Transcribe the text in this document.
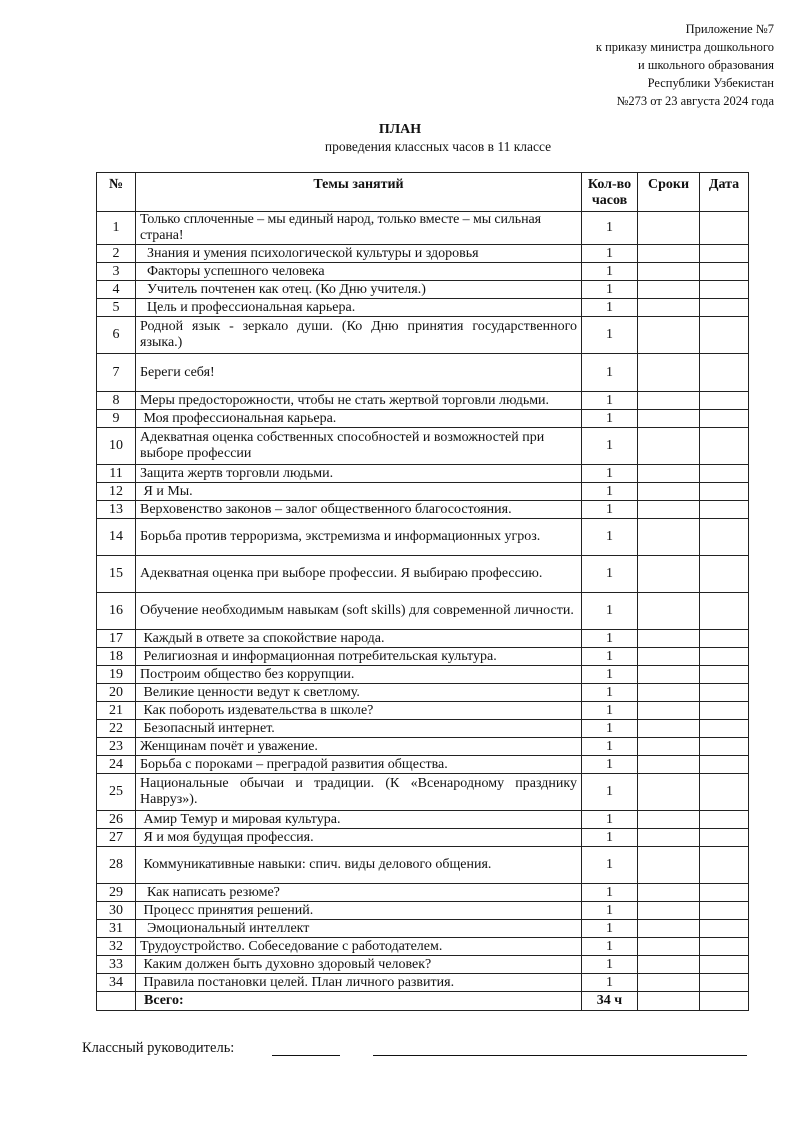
Приложение №7
к приказу министра дошкольного
и школьного образования
Республики Узбекистан
№273 от 23 августа 2024 года
ПЛАН
проведения классных часов в 11 классе
№	Темы занятий	Кол-во часов	Сроки	Дата
1	Только сплоченные – мы единый народ, только вместе – мы сильная страна!	1		
2	Знания и умения психологической культуры и здоровья	1		
3	Факторы успешного человека	1		
4	Учитель почтенен как отец. (Ко Дню учителя.)	1		
5	Цель и профессиональная карьера.	1		
6	Родной язык - зеркало души. (Ко Дню принятия государственного языка.)	1		
7	Береги себя!	1		
8	Меры предосторожности, чтобы не стать жертвой торговли людьми.	1		
9	Моя профессиональная карьера.	1		
10	Адекватная оценка собственных способностей и возможностей при выборе профессии	1		
11	Защита жертв торговли людьми.	1		
12	Я и Мы.	1		
13	Верховенство законов – залог общественного благосостояния.	1		
14	Борьба против терроризма, экстремизма и информационных угроз.	1		
15	Адекватная оценка при выборе профессии. Я выбираю профессию.	1		
16	Обучение необходимым навыкам (soft skills) для современной личности.	1		
17	Каждый в ответе за спокойствие народа.	1		
18	Религиозная и информационная потребительская культура.	1		
19	Построим общество без коррупции.	1		
20	Великие ценности ведут к светлому.	1		
21	Как побороть издевательства в школе?	1		
22	Безопасный интернет.	1		
23	Женщинам почёт и уважение.	1		
24	Борьба с пороками – преградой развития общества.	1		
25	Национальные обычаи и традиции. (К «Всенародному празднику Навруз»).	1		
26	Амир Темур и мировая культура.	1		
27	Я и моя будущая профессия.	1		
28	Коммуникативные навыки: спич. виды делового общения.	1		
29	Как написать резюме?	1		
30	Процесс принятия решений.	1		
31	Эмоциональный интеллект	1		
32	Трудоустройство. Собеседование с работодателем.	1		
33	Каким должен быть духовно здоровый человек?	1		
34	Правила постановки целей. План личного развития.	1		
	Всего:	34 ч		
Классный руководитель:
